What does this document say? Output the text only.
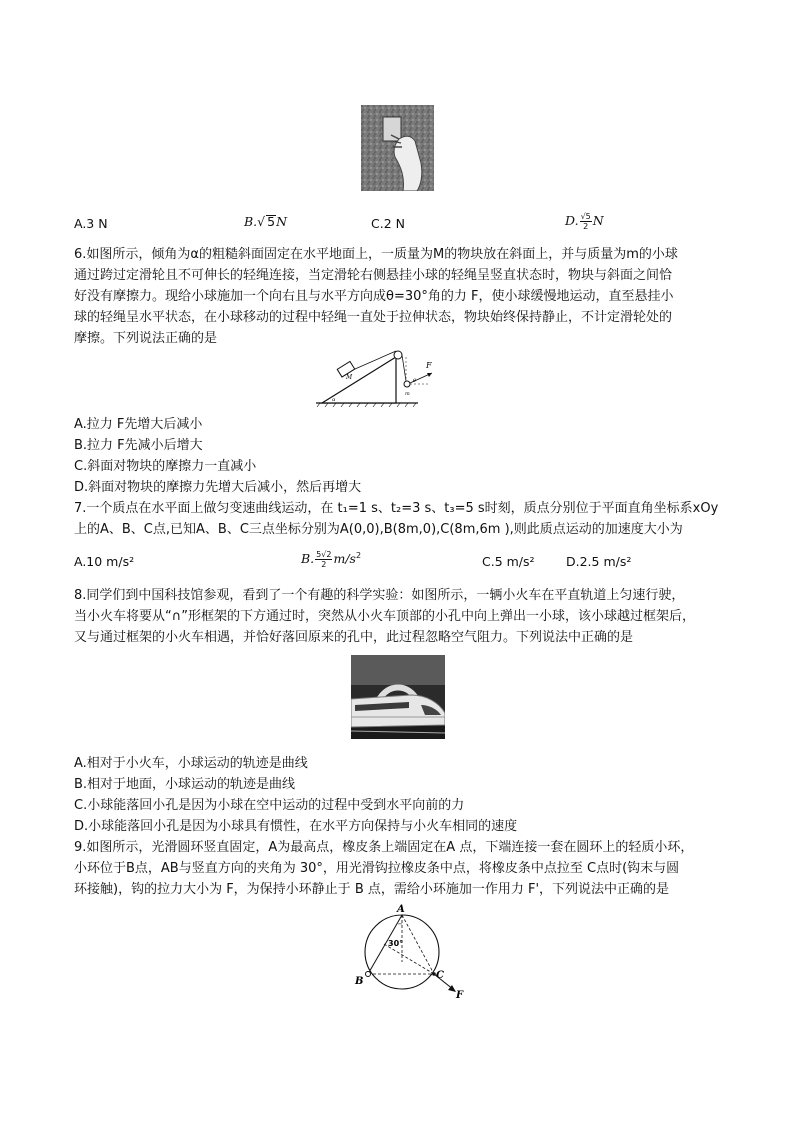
A.3 N	B.√ 5N	C.2 N	D. $\frac{√5}{2}$ N
6.如图所示，倾角为α的粗糙斜面固定在水平地面上，一质量为M的物块放在斜面上，并与质量为m的小球
通过跨过定滑轮且不可伸长的轻绳连接，当定滑轮右侧悬挂小球的轻绳呈竖直状态时，物块与斜面之间恰
好没有摩擦力。现给小球施加一个向右且与水平方向成θ=30°角的力 F，使小球缓慢地运动，直至悬挂小
球的轻绳呈水平状态，在小球移动的过程中轻绳一直处于拉伸状态，物块始终保持静止，不计定滑轮处的
摩擦。下列说法正确的是
F
M
m
θ
α
A.拉力 F先增大后减小
B.拉力 F先减小后增大
C.斜面对物块的摩擦力一直减小
D.斜面对物块的摩擦力先增大后减小，然后再增大
7.一个质点在水平面上做匀变速曲线运动，在 t₁=1 s、t₂=3 s、t₃=5 s时刻，质点分别位于平面直角坐标系xOy
上的A、B、C点,已知A、B、C三点坐标分别为A(0,0),B(8m,0),C(8m,6m ),则此质点运动的加速度大小为
A.10 m/s²	B. $\frac{5√2}{2} m/s^2$	C.5 m/s²	D.2.5 m/s²
8.同学们到中国科技馆参观，看到了一个有趣的科学实验：如图所示，一辆小火车在平直轨道上匀速行驶，
当小火车将要从“∩”形框架的下方通过时，突然从小火车顶部的小孔中向上弹出一小球，该小球越过框架后，
又与通过框架的小火车相遇，并恰好落回原来的孔中，此过程忽略空气阻力。下列说法中正确的是
A.相对于小火车，小球运动的轨迹是曲线
B.相对于地面，小球运动的轨迹是曲线
C.小球能落回小孔是因为小球在空中运动的过程中受到水平向前的力
D.小球能落回小孔是因为小球具有惯性，在水平方向保持与小火车相同的速度
9.如图所示，光滑圆环竖直固定，A为最高点，橡皮条上端固定在A 点，下端连接一套在圆环上的轻质小环，
小环位于B点，AB与竖直方向的夹角为 30°，用光滑钩拉橡皮条中点，将橡皮条中点拉至 C点时(钩末与圆
环接触)，钩的拉力大小为 F，为保持小环静止于 B 点，需给小环施加一作用力 F'，下列说法中正确的是
A
B
C
F
30°
